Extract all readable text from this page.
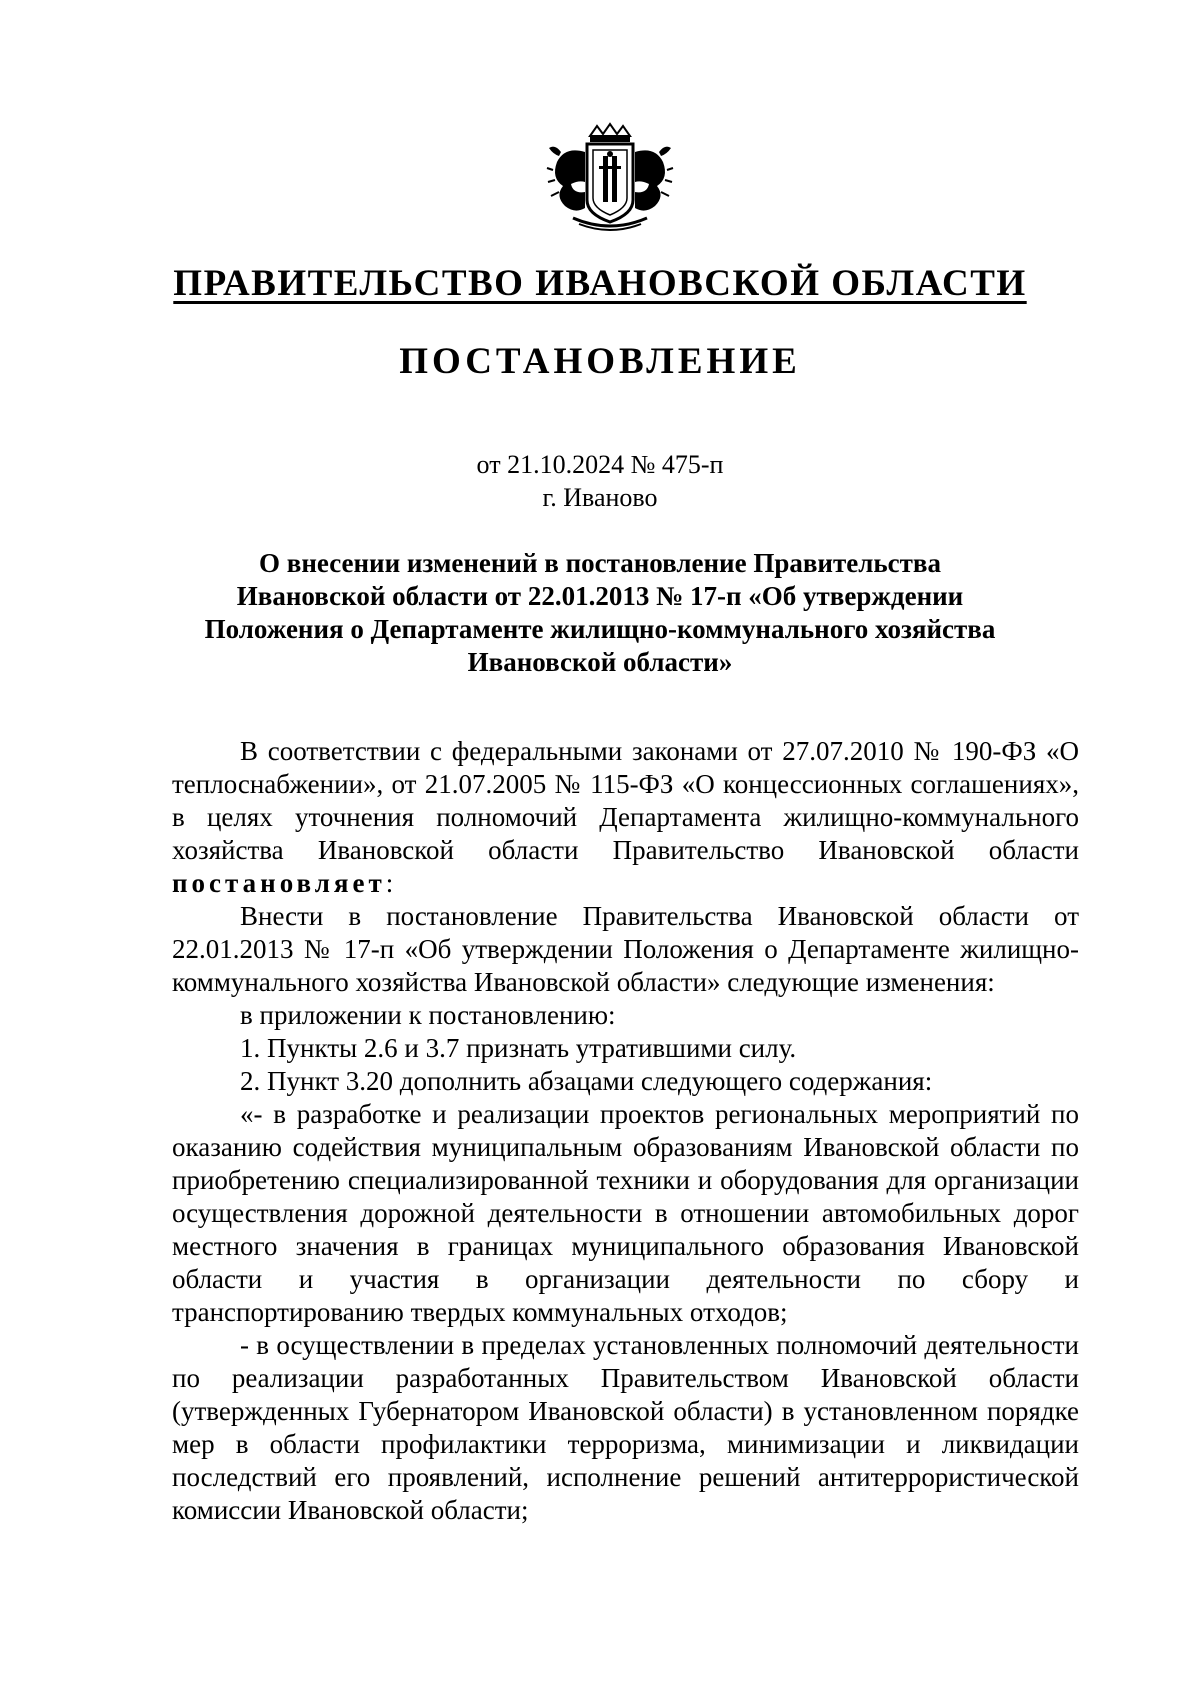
ПРАВИТЕЛЬСТВО ИВАНОВСКОЙ ОБЛАСТИ
ПОСТАНОВЛЕНИЕ
от 21.10.2024 № 475-п
г. Иваново
О внесении изменений в постановление Правительства
Ивановской области от 22.01.2013 № 17-п «Об утверждении
Положения о Департаменте жилищно-коммунального хозяйства
Ивановской области»

В соответствии с федеральными законами от 27.07.2010 № 190-ФЗ «О теплоснабжении», от 21.07.2005 № 115-ФЗ «О концессионных соглашениях», в целях уточнения полномочий Департамента жилищно-коммунального хозяйства Ивановской области Правительство Ивановской области постановляет:

Внести в постановление Правительства Ивановской области от 22.01.2013 № 17-п «Об утверждении Положения о Департаменте жилищно-коммунального хозяйства Ивановской области» следующие изменения:

в приложении к постановлению:

1. Пункты 2.6 и 3.7 признать утратившими силу.

2. Пункт 3.20 дополнить абзацами следующего содержания:

«- в разработке и реализации проектов региональных мероприятий по оказанию содействия муниципальным образованиям Ивановской области по приобретению специализированной техники и оборудования для организации осуществления дорожной деятельности в отношении автомобильных дорог местного значения в границах муниципального образования Ивановской области и участия в организации деятельности по сбору и транспортированию твердых коммунальных отходов;

- в осуществлении в пределах установленных полномочий деятельности по реализации разработанных Правительством Ивановской области (утвержденных Губернатором Ивановской области) в установленном порядке мер в области профилактики терроризма, минимизации и ликвидации последствий его проявлений, исполнение решений антитеррористической комиссии Ивановской области;
